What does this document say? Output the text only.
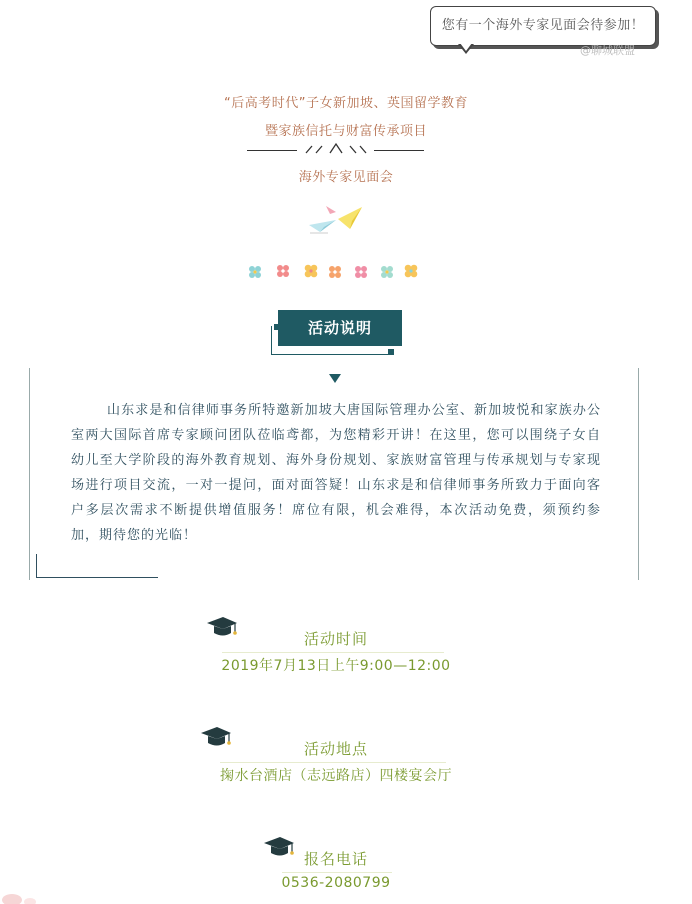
您有一个海外专家见面会待参加！
@聊城联盟
“后高考时代”子女新加坡、英国留学教育
暨家族信托与财富传承项目
海外专家见面会
活动说明
山东求是和信律师事务所特邀新加坡大唐国际管理办公室、新加坡悦和家族办公室两大国际首席专家顾问团队莅临鸢都，为您精彩开讲！在这里，您可以围绕子女自幼儿至大学阶段的海外教育规划、海外身份规划、家族财富管理与传承规划与专家现场进行项目交流，一对一提问，面对面答疑！山东求是和信律师事务所致力于面向客户多层次需求不断提供增值服务！席位有限，机会难得，本次活动免费，须预约参加，期待您的光临！
活动时间
2019年7月13日上午9:00—12:00
活动地点
掬水台酒店（志远路店）四楼宴会厅
报名电话
0536-2080799
